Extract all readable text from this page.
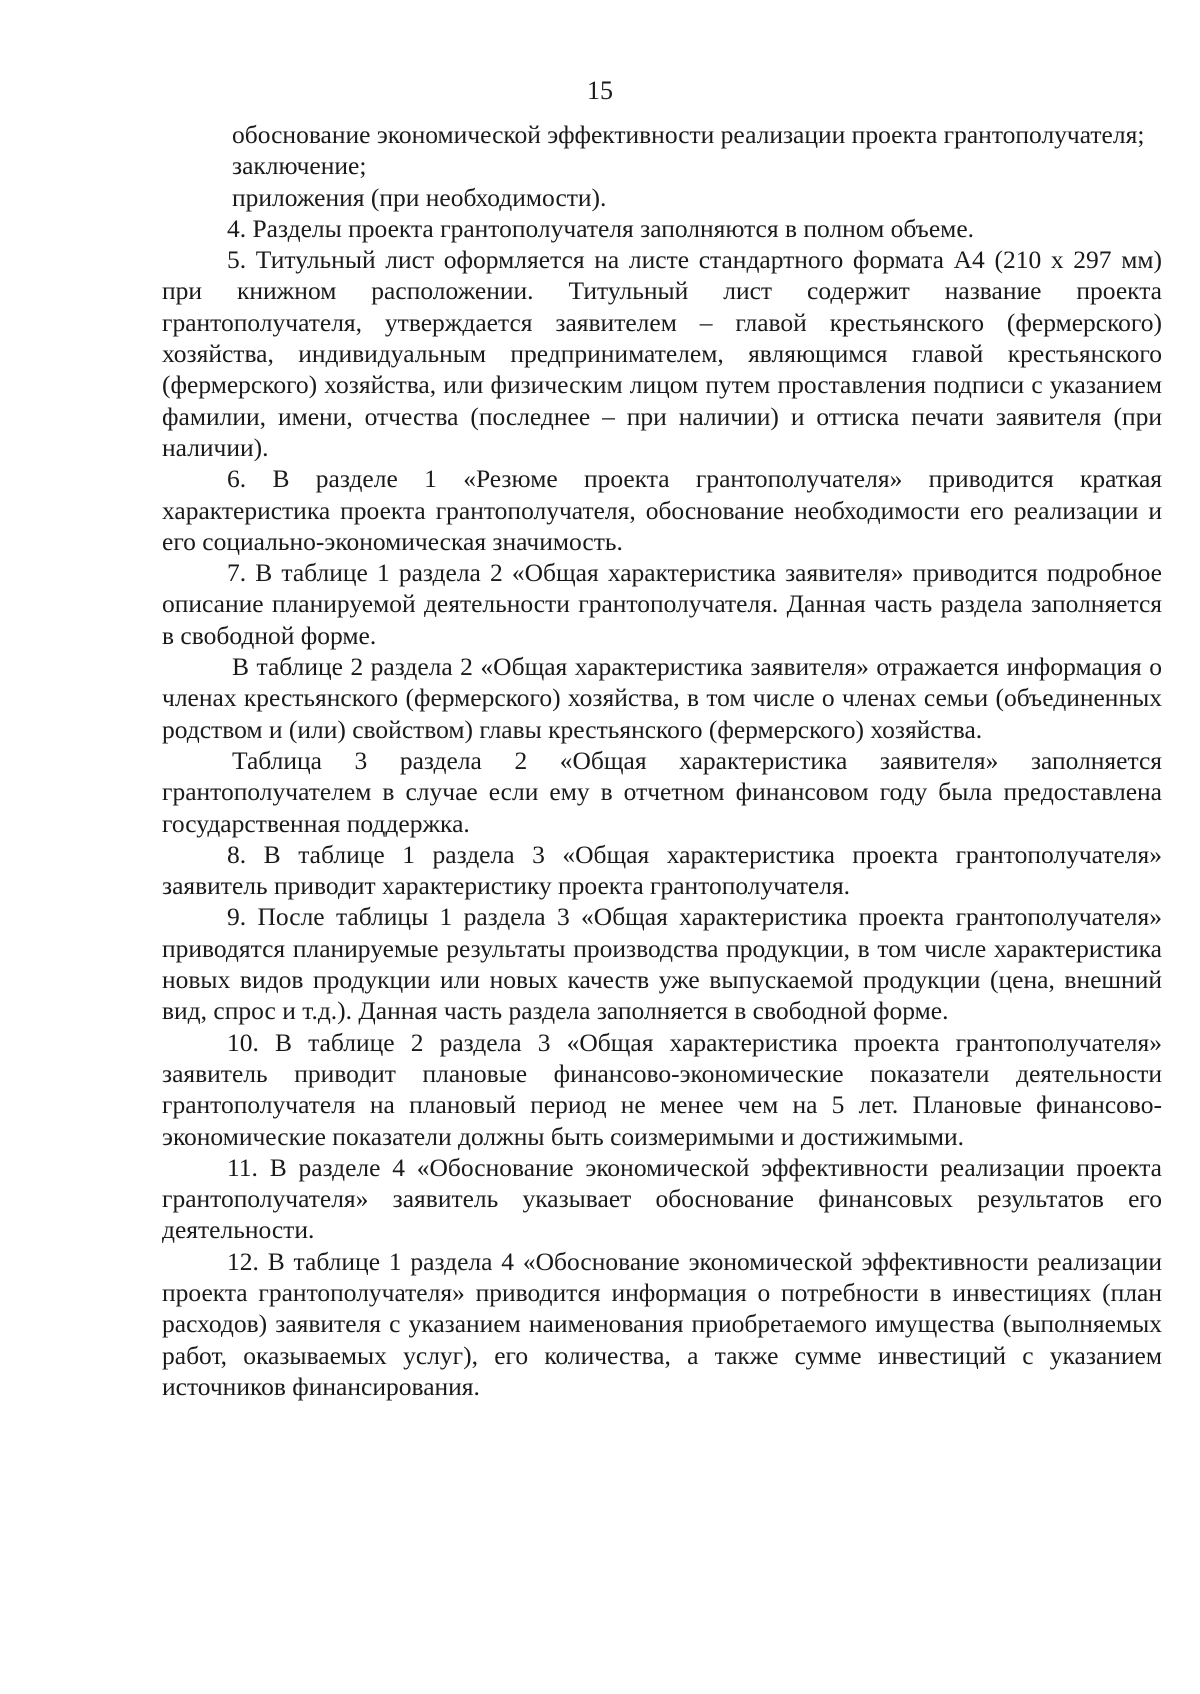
15

обоснование экономической эффективности реализации проекта грантополучателя;

заключение;

приложения (при необходимости).

4. Разделы проекта грантополучателя заполняются в полном объеме.

5. Титульный лист оформляется на листе стандартного формата А4 (210 х 297 мм) при книжном расположении. Титульный лист содержит название проекта грантополучателя, утверждается заявителем – главой крестьянского (фермерского) хозяйства, индивидуальным предпринимателем, являющимся главой крестьянского (фермерского) хозяйства, или физическим лицом путем проставления подписи с указанием фамилии, имени, отчества (последнее – при наличии) и оттиска печати заявителя (при наличии).

6. В разделе 1 «Резюме проекта грантополучателя» приводится краткая характеристика проекта грантополучателя, обоснование необходимости его реализации и его социально-экономическая значимость.

7. В таблице 1 раздела 2 «Общая характеристика заявителя» приводится подробное описание планируемой деятельности грантополучателя. Данная часть раздела заполняется в свободной форме.

В таблице 2 раздела 2 «Общая характеристика заявителя» отражается информация о членах крестьянского (фермерского) хозяйства, в том числе о членах семьи (объединенных родством и (или) свойством) главы крестьянского (фермерского) хозяйства.

Таблица 3 раздела 2 «Общая характеристика заявителя» заполняется грантополучателем в случае если ему в отчетном финансовом году была предоставлена государственная поддержка.

8. В таблице 1 раздела 3 «Общая характеристика проекта грантополучателя» заявитель приводит характеристику проекта грантополучателя.

9. После таблицы 1 раздела 3 «Общая характеристика проекта грантополучателя» приводятся планируемые результаты производства продукции, в том числе характеристика новых видов продукции или новых качеств уже выпускаемой продукции (цена, внешний вид, спрос и т.д.). Данная часть раздела заполняется в свободной форме.

10. В таблице 2 раздела 3 «Общая характеристика проекта грантополучателя» заявитель приводит плановые финансово-экономические показатели деятельности грантополучателя на плановый период не менее чем на 5 лет. Плановые финансово-экономические показатели должны быть соизмеримыми и достижимыми.

11. В разделе 4 «Обоснование экономической эффективности реализации проекта грантополучателя» заявитель указывает обоснование финансовых результатов его деятельности.

12. В таблице 1 раздела 4 «Обоснование экономической эффективности реализации проекта грантополучателя» приводится информация о потребности в инвестициях (план расходов) заявителя с указанием наименования приобретаемого имущества (выполняемых работ, оказываемых услуг), его количества, а также сумме инвестиций с указанием источников финансирования.
